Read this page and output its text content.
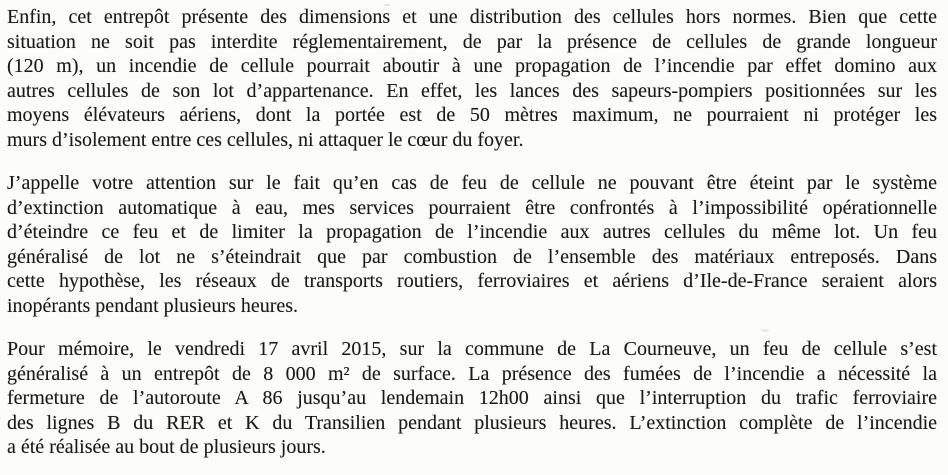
Enfin, cet entrepôt présente des dimensions et une distribution des cellules hors normes. Bien que cette
situation ne soit pas interdite réglementairement, de par la présence de cellules de grande longueur
(120 m), un incendie de cellule pourrait aboutir à une propagation de l’incendie par effet domino aux
autres cellules de son lot d’appartenance. En effet, les lances des sapeurs-pompiers positionnées sur les
moyens élévateurs aériens, dont la portée est de 50 mètres maximum, ne pourraient ni protéger les
murs d’isolement entre ces cellules, ni attaquer le cœur du foyer.
J’appelle votre attention sur le fait qu’en cas de feu de cellule ne pouvant être éteint par le système
d’extinction automatique à eau, mes services pourraient être confrontés à l’impossibilité opérationnelle
d’éteindre ce feu et de limiter la propagation de l’incendie aux autres cellules du même lot. Un feu
généralisé de lot ne s’éteindrait que par combustion de l’ensemble des matériaux entreposés. Dans
cette hypothèse, les réseaux de transports routiers, ferroviaires et aériens d’Ile-de-France seraient alors
inopérants pendant plusieurs heures.
Pour mémoire, le vendredi 17 avril 2015, sur la commune de La Courneuve, un feu de cellule s’est
généralisé à un entrepôt de 8 000 m² de surface. La présence des fumées de l’incendie a nécessité la
fermeture de l’autoroute A 86 jusqu’au lendemain 12h00 ainsi que l’interruption du trafic ferroviaire
des lignes B du RER et K du Transilien pendant plusieurs heures. L’extinction complète de l’incendie
a été réalisée au bout de plusieurs jours.
